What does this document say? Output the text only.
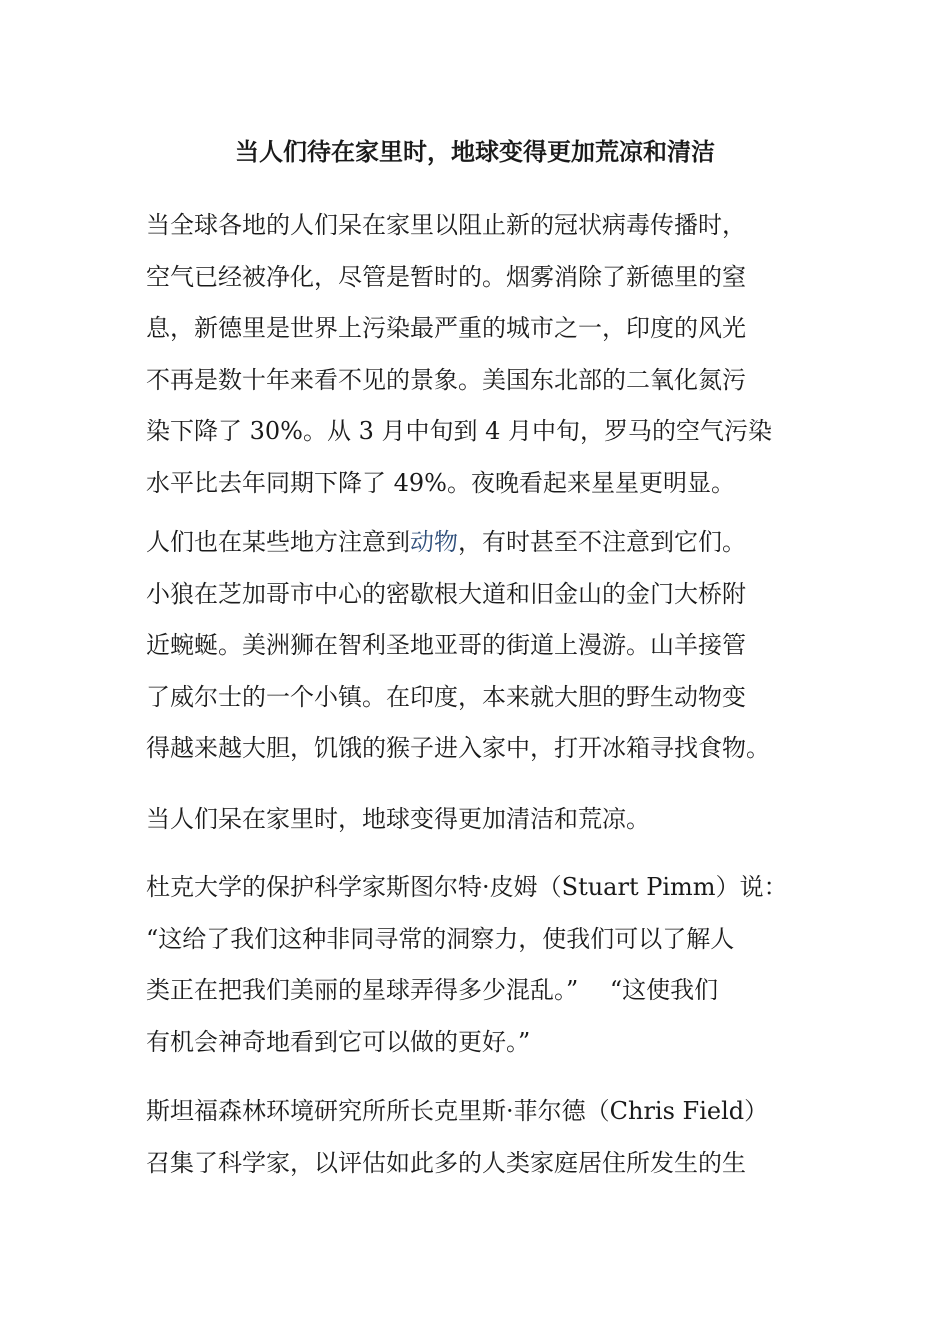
当人们待在家里时，地球变得更加荒凉和清洁
当全球各地的人们呆在家里以阻止新的冠状病毒传播时，
空气已经被净化，尽管是暂时的。烟雾消除了新德里的窒
息，新德里是世界上污染最严重的城市之一，印度的风光
不再是数十年来看不见的景象。美国东北部的二氧化氮污
染下降了 30%。从 3 月中旬到 4 月中旬，罗马的空气污染
水平比去年同期下降了 49%。夜晚看起来星星更明显。
人们也在某些地方注意到动物，有时甚至不注意到它们。
小狼在芝加哥市中心的密歇根大道和旧金山的金门大桥附
近蜿蜒。美洲狮在智利圣地亚哥的街道上漫游。山羊接管
了威尔士的一个小镇。在印度，本来就大胆的野生动物变
得越来越大胆，饥饿的猴子进入家中，打开冰箱寻找食物。
当人们呆在家里时，地球变得更加清洁和荒凉。
杜克大学的保护科学家斯图尔特·皮姆（Stuart Pimm）说：
“这给了我们这种非同寻常的洞察力，使我们可以了解人
类正在把我们美丽的星球弄得多少混乱。”　 “这使我们
有机会神奇地看到它可以做的更好。”
斯坦福森林环境研究所所长克里斯·菲尔德（Chris Field）
召集了科学家，以评估如此多的人类家庭居住所发生的生
